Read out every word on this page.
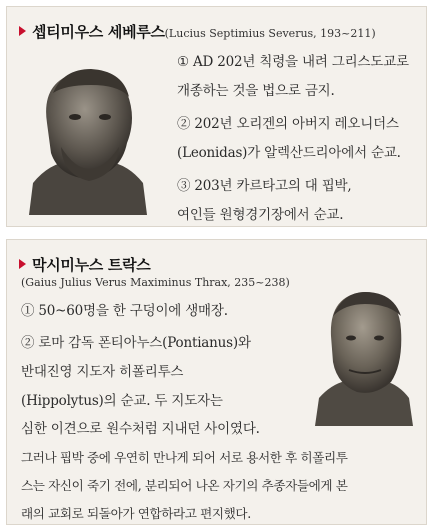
셉티미우스 세베루스(Lucius Septimius Severus, 193~211)
① AD 202년 칙령을 내려 그리스도교로
개종하는 것을 법으로 금지.
② 202년 오리겐의 아버지 레오니더스
(Leonidas)가 알렉산드리아에서 순교.
③ 203년 카르타고의 대 핍박,
여인들 원형경기장에서 순교.
막시미누스 트락스
(Gaius Julius Verus Maximinus Thrax, 235~238)
① 50~60명을 한 구덩이에 생매장.
② 로마 감독 폰티아누스(Pontianus)와
반대진영 지도자 히폴리투스
(Hippolytus)의 순교. 두 지도자는
심한 이견으로 원수처럼 지내던 사이였다.
그러나 핍박 중에 우연히 만나게 되어 서로 용서한 후 히폴리투
스는 자신이 죽기 전에, 분리되어 나온 자기의 추종자들에게 본
래의 교회로 되돌아가 연합하라고 편지했다.
